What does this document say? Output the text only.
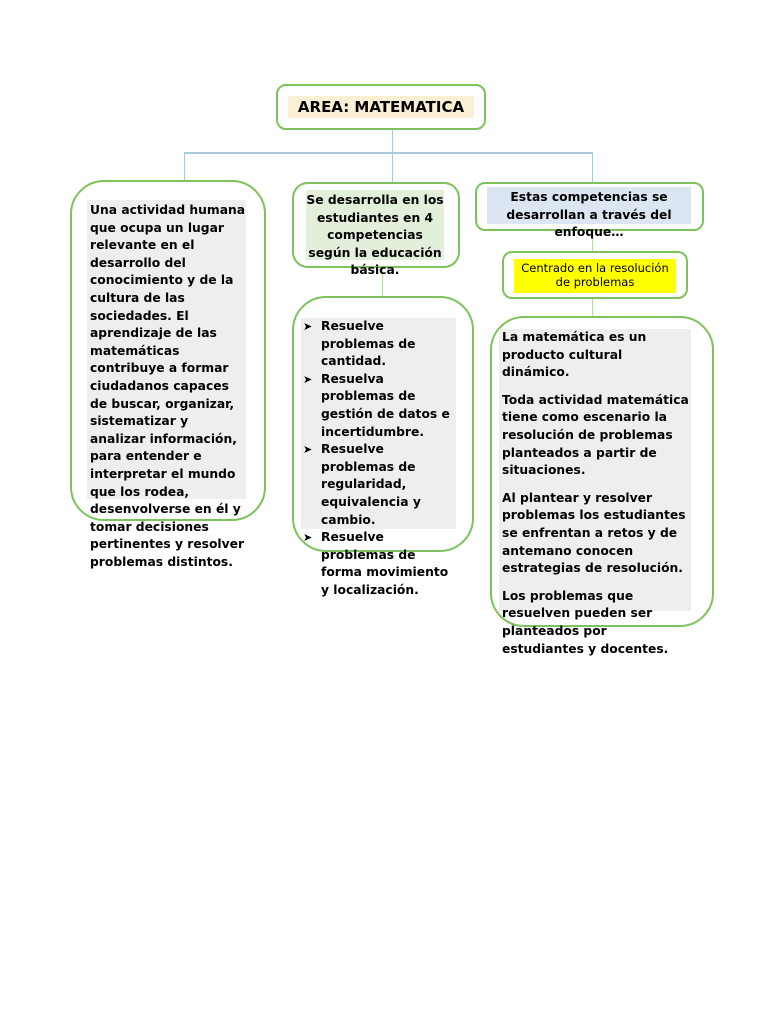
AREA: MATEMATICA
Una actividad humana que ocupa un lugar relevante en el desarrollo del conocimiento y de la cultura de las sociedades. El aprendizaje de las matemáticas contribuye a formar ciudadanos capaces de buscar, organizar, sistematizar y analizar información, para entender e interpretar el mundo que los rodea, desenvolverse en él y tomar decisiones pertinentes y resolver problemas distintos.
Se desarrolla en los estudiantes en 4 competencias según la educación básica.
Estas competencias se desarrollan a través del enfoque…
Centrado en la resolución de problemas
➤ Resuelve problemas de cantidad.
➤ Resuelva problemas de gestión de datos e incertidumbre.
➤ Resuelve problemas de regularidad, equivalencia y cambio.
➤ Resuelve problemas de forma movimiento y localización.

La matemática es un producto cultural dinámico.

Toda actividad matemática tiene como escenario la resolución de problemas planteados a partir de situaciones.

Al plantear y resolver problemas los estudiantes se enfrentan a retos y de antemano conocen estrategias de resolución.

Los problemas que resuelven pueden ser planteados por estudiantes y docentes.
